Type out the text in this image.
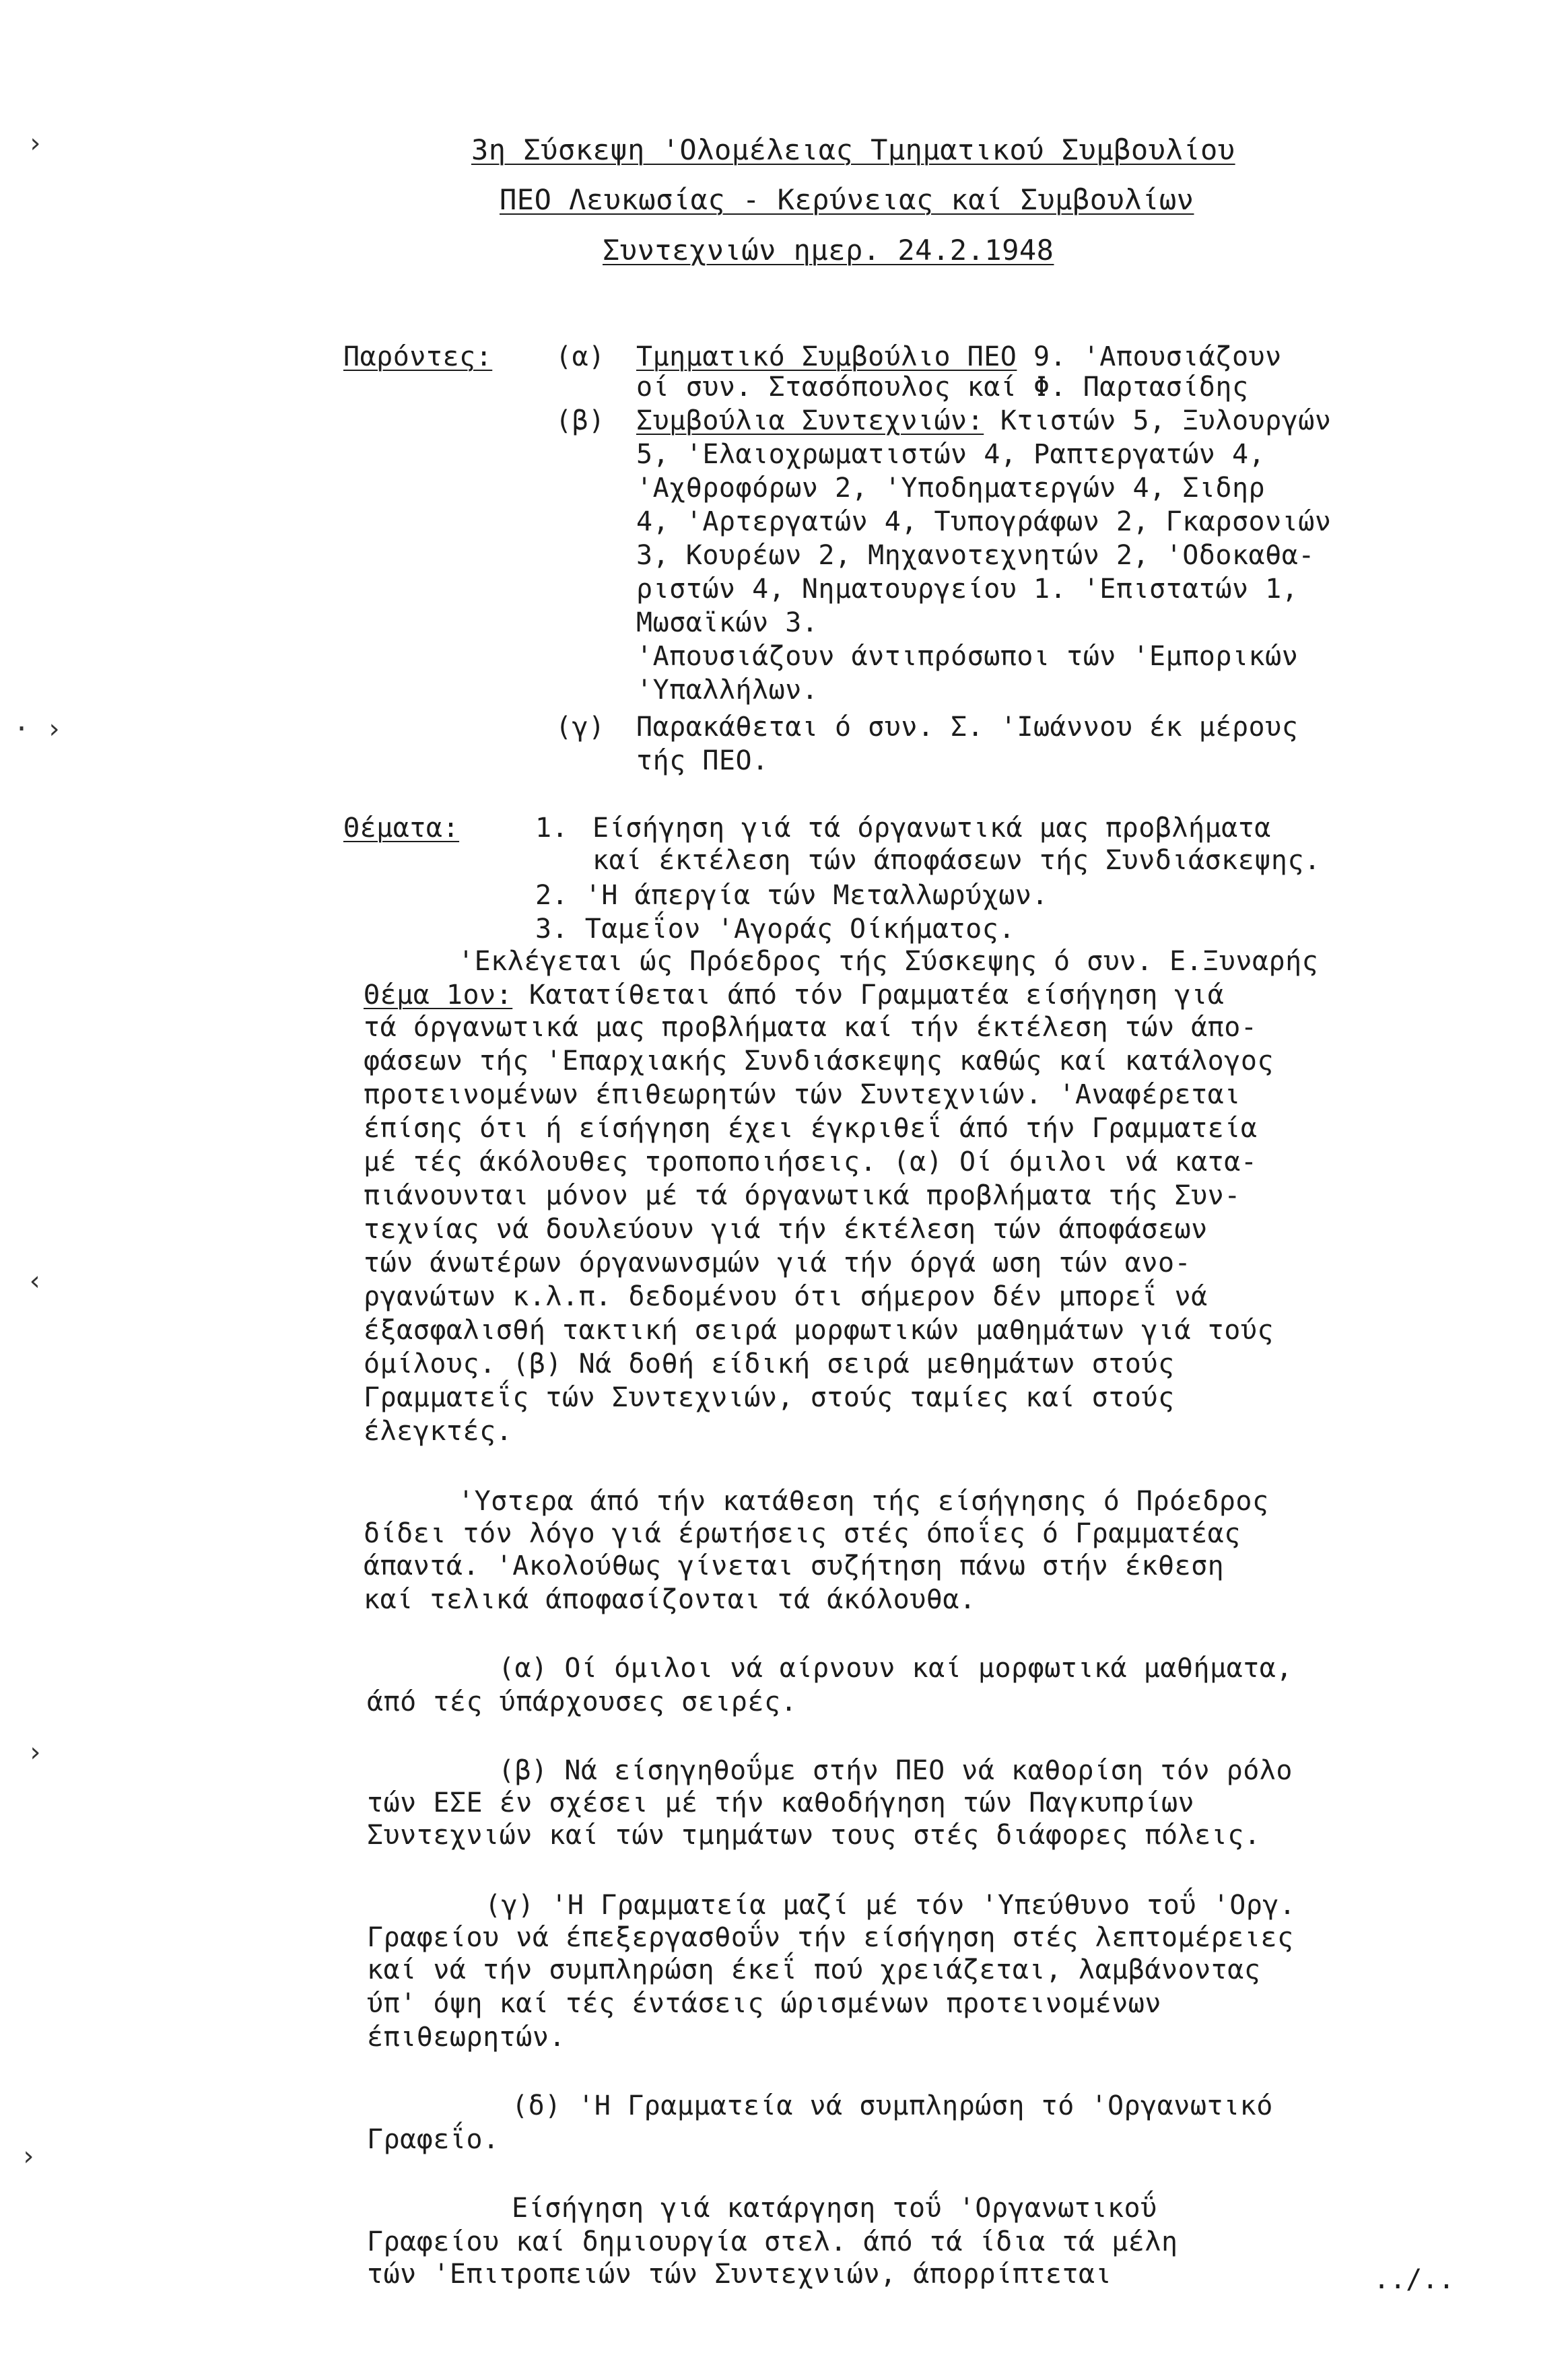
3η Σύσκεψη 'Ολομέλειας Τμηματικού Συμβουλίου
ΠΕΟ Λευκωσίας - Κερύνειας καί Συμβουλίων
Συντεχνιών ημερ. 24.2.1948
Παρόντες: (α) Τμηματικό Συμβούλιο ΠΕΟ 9. 'Απουσιάζουν
οί συν. Στασόπουλος καί Φ. Παρτασίδης
(β) Συμβούλια Συντεχνιών: Κτιστών 5, Ξυλουργών
5, 'Ελαιοχρωματιστών 4, Ραπτεργατών 4,
'Αχθροφόρων 2, 'Υποδηματεργών 4, Σιδηρ
4, 'Αρτεργατών 4, Τυπογράφων 2, Γκαρσονιών
3, Κουρέων 2, Μηχανοτεχνητών 2, 'Οδοκαθα-
ριστών 4, Νηματουργείου 1. 'Επιστατών 1,
Μωσαϊκών 3.
'Απουσιάζουν άντιπρόσωποι τών 'Εμπορικών
'Υπαλλήλων.
(γ) Παρακάθεται ό συν. Σ. 'Ιωάννου έκ μέρους
τής ΠΕΟ.
Θέματα:	1. Είσήγηση γιά τά όργανωτικά μας προβλήματα
καί έκτέλεση τών άποφάσεων τής Συνδιάσκεψης.
2. 'Η άπεργία τών Μεταλλωρύχων.
3. Ταμεΐον 'Αγοράς Οίκήματος.
'Εκλέγεται ώς Πρόεδρος τής Σύσκεψης ό συν. Ε.Ξυναρής
Θέμα 1ον: Κατατίθεται άπό τόν Γραμματέα είσήγηση γιά
τά όργανωτικά μας προβλήματα καί τήν έκτέλεση τών άπο-
φάσεων τής 'Επαρχιακής Συνδιάσκεψης καθώς καί κατάλογος
προτεινομένων έπιθεωρητών τών Συντεχνιών. 'Αναφέρεται
έπίσης ότι ή είσήγηση έχει έγκριθεΐ άπό τήν Γραμματεία
μέ τές άκόλουθες τροποποιήσεις. (α) Οί όμιλοι νά κατα-
πιάνουνται μόνον μέ τά όργανωτικά προβλήματα τής Συν-
τεχνίας νά δουλεύουν γιά τήν έκτέλεση τών άποφάσεων
τών άνωτέρων όργανωνσμών γιά τήν όργά ωση τών ανο-
ργανώτων κ.λ.π. δεδομένου ότι σήμερον δέν μπορεΐ νά
έξασφαλισθή τακτική σειρά μορφωτικών μαθημάτων γιά τούς
όμίλους. (β) Νά δοθή είδική σειρά μεθημάτων στούς
Γραμματεΐς τών Συντεχνιών, στούς ταμίες καί στούς
έλεγκτές.
'Υστερα άπό τήν κατάθεση τής είσήγησης ό Πρόεδρος
δίδει τόν λόγο γιά έρωτήσεις στές όποΐες ό Γραμματέας
άπαντά. 'Ακολούθως γίνεται συζήτηση πάνω στήν έκθεση
καί τελικά άποφασίζονται τά άκόλουθα.
(α) Οί όμιλοι νά αίρνουν καί μορφωτικά μαθήματα,
άπό τές ύπάρχουσες σειρές.
(β) Νά είσηγηθοΰμε στήν ΠΕΟ νά καθορίση τόν ρόλο
τών ΕΣΕ έν σχέσει μέ τήν καθοδήγηση τών Παγκυπρίων
Συντεχνιών καί τών τμημάτων τους στές διάφορες πόλεις.
(γ) 'Η Γραμματεία μαζί μέ τόν 'Υπεύθυνο τοΰ 'Οργ.
Γραφείου νά έπεξεργασθοΰν τήν είσήγηση στές λεπτομέρειες
καί νά τήν συμπληρώση έκεΐ πού χρειάζεται, λαμβάνοντας
ύπ' όψη καί τές έντάσεις ώρισμένων προτεινομένων
έπιθεωρητών.
(δ) 'Η Γραμματεία νά συμπληρώση τό 'Οργανωτικό
Γραφεΐο.
Είσήγηση γιά κατάργηση τοΰ 'Οργανωτικοΰ
Γραφείου καί δημιουργία στελ. άπό τά ίδια τά μέλη
τών 'Επιτροπειών τών Συντεχνιών, άπορρίπτεται	../..
›
· ›
‹
›
›
